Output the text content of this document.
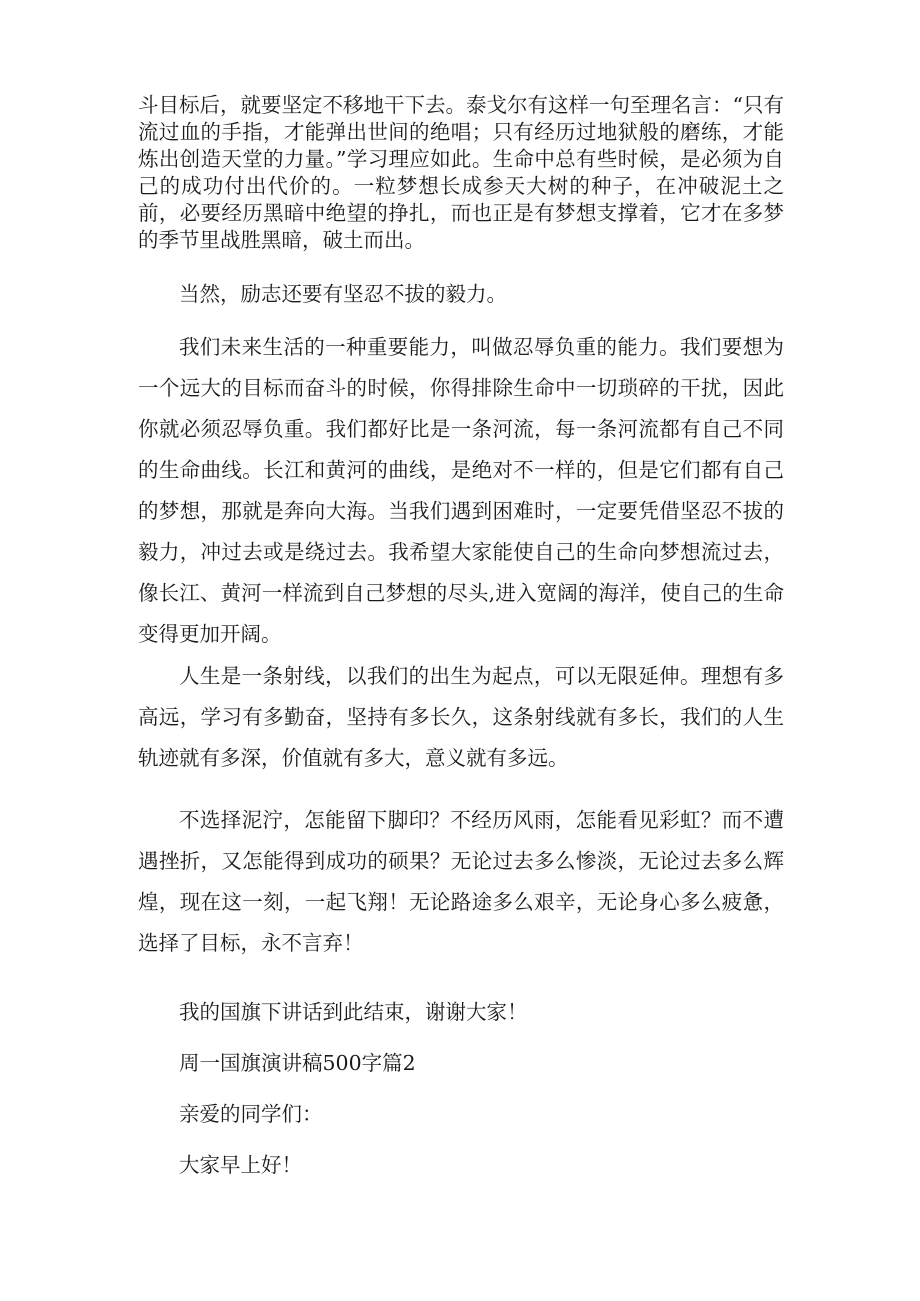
斗目标后，就要坚定不移地干下去。泰戈尔有这样一句至理名言：“只有流过血的手指，才能弹出世间的绝唱；只有经历过地狱般的磨练，才能炼出创造天堂的力量。”学习理应如此。生命中总有些时候，是必须为自己的成功付出代价的。一粒梦想长成参天大树的种子，在冲破泥土之前，必要经历黑暗中绝望的挣扎，而也正是有梦想支撑着，它才在多梦的季节里战胜黑暗，破土而出。

当然，励志还要有坚忍不拔的毅力。

我们未来生活的一种重要能力，叫做忍辱负重的能力。我们要想为一个远大的目标而奋斗的时候，你得排除生命中一切琐碎的干扰，因此你就必须忍辱负重。我们都好比是一条河流，每一条河流都有自己不同的生命曲线。长江和黄河的曲线，是绝对不一样的，但是它们都有自己的梦想，那就是奔向大海。当我们遇到困难时，一定要凭借坚忍不拔的毅力，冲过去或是绕过去。我希望大家能使自己的生命向梦想流过去，像长江、黄河一样流到自己梦想的尽头,进入宽阔的海洋，使自己的生命变得更加开阔。

人生是一条射线，以我们的出生为起点，可以无限延伸。理想有多高远，学习有多勤奋，坚持有多长久，这条射线就有多长，我们的人生轨迹就有多深，价值就有多大，意义就有多远。

不选择泥泞，怎能留下脚印？不经历风雨，怎能看见彩虹？而不遭遇挫折，又怎能得到成功的硕果？无论过去多么惨淡，无论过去多么辉煌，现在这一刻，一起飞翔！无论路途多么艰辛，无论身心多么疲惫，选择了目标，永不言弃！

我的国旗下讲话到此结束，谢谢大家！

周一国旗演讲稿500字篇2

亲爱的同学们：

大家早上好！
